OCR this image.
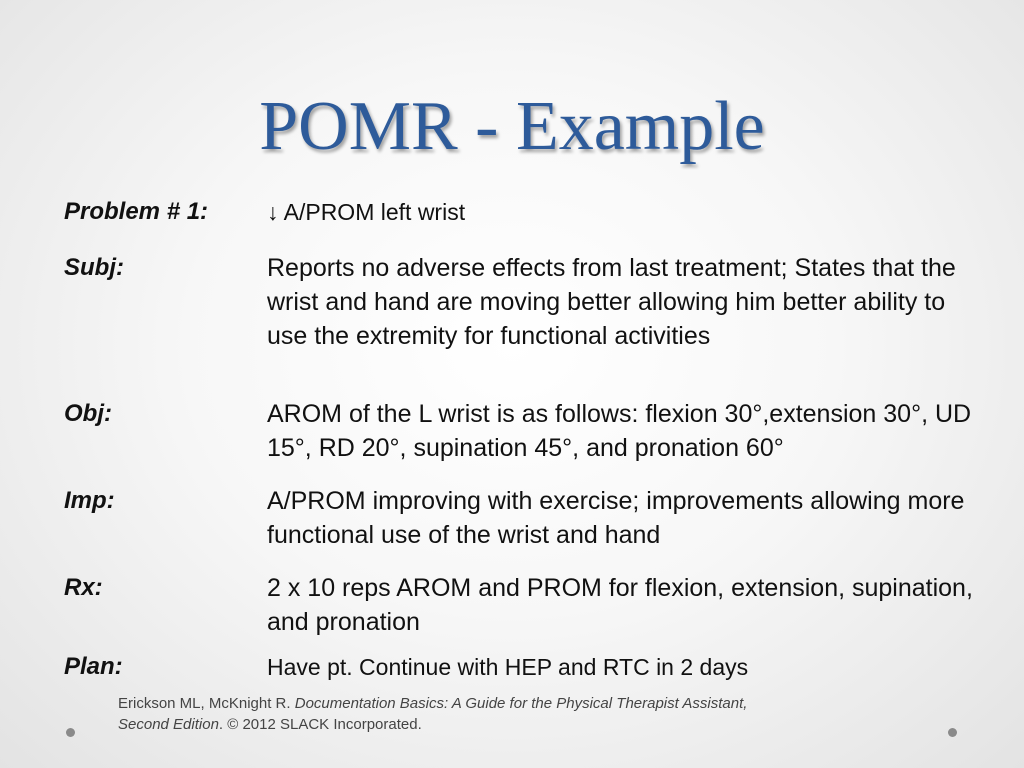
POMR - Example
Problem # 1:	↓ A/PROM left wrist
Subj:	Reports no adverse effects from last treatment; States that the wrist and hand are moving better allowing him better ability to use the extremity for functional activities
Obj:	AROM of the L wrist is as follows: flexion 30°,extension 30°, UD 15°, RD 20°, supination 45°, and pronation 60°
Imp:	A/PROM improving with exercise; improvements allowing more functional use of the wrist and hand
Rx:	2 x 10 reps AROM and PROM for flexion, extension, supination, and pronation
Plan:	Have pt. Continue with HEP and RTC in 2 days
Erickson ML, McKnight R. Documentation Basics: A Guide for the Physical Therapist Assistant,
Second Edition. © 2012 SLACK Incorporated.
